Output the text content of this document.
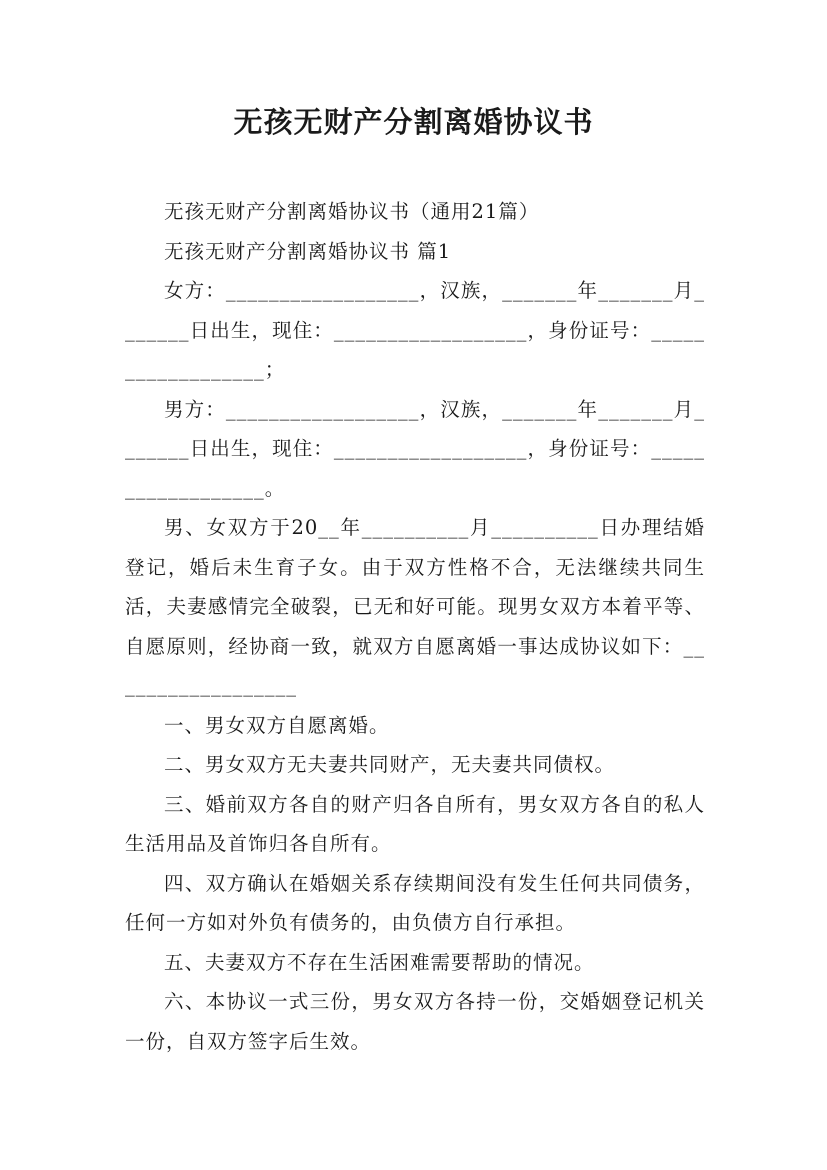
无孩无财产分割离婚协议书

无孩无财产分割离婚协议书（通用21篇）

无孩无财产分割离婚协议书 篇1

女方：__________________，汉族，_______年_______月_______日出生，现住：__________________，身份证号：__________________；

男方：__________________，汉族，_______年_______月_______日出生，现住：__________________，身份证号：__________________。

男、女双方于20__年__________月__________日办理结婚登记，婚后未生育子女。由于双方性格不合，无法继续共同生活，夫妻感情完全破裂，已无和好可能。现男女双方本着平等、自愿原则，经协商一致，就双方自愿离婚一事达成协议如下：__________________

一、男女双方自愿离婚。

二、男女双方无夫妻共同财产，无夫妻共同债权。

三、婚前双方各自的财产归各自所有，男女双方各自的私人生活用品及首饰归各自所有。

四、双方确认在婚姻关系存续期间没有发生任何共同债务，任何一方如对外负有债务的，由负债方自行承担。

五、夫妻双方不存在生活困难需要帮助的情况。

六、本协议一式三份，男女双方各持一份，交婚姻登记机关一份，自双方签字后生效。
